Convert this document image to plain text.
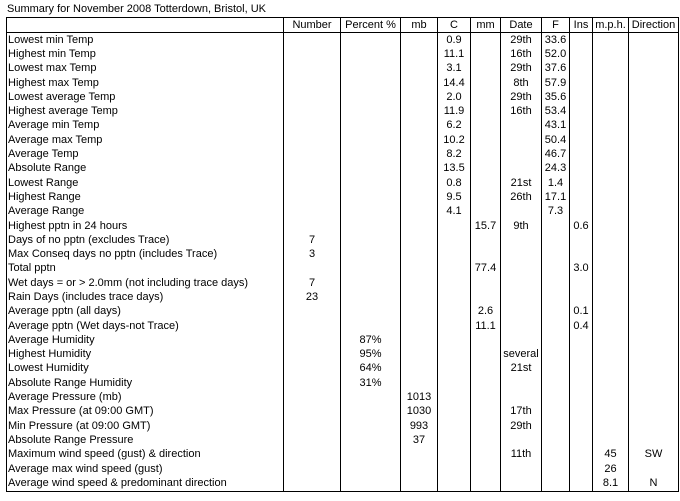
Summary for November 2008 Totterdown, Bristol, UK
	Number	Percent %	mb	C	mm	Date	F	Ins	m.p.h.	Direction
Lowest min Temp				0.9		29th	33.6			
Highest min Temp				11.1		16th	52.0			
Lowest max Temp				3.1		29th	37.6			
Highest max Temp				14.4		8th	57.9			
Lowest average Temp				2.0		29th	35.6			
Highest average Temp				11.9		16th	53.4			
Average min Temp				6.2			43.1			
Average max Temp				10.2			50.4			
Average Temp				8.2			46.7			
Absolute Range				13.5			24.3			
Lowest Range				0.8		21st	1.4			
Highest Range				9.5		26th	17.1			
Average Range				4.1			7.3			
Highest pptn in 24 hours					15.7	9th		0.6		
Days of no pptn (excludes Trace)	7									
Max Conseq days no pptn (includes Trace)	3									
Total pptn					77.4			3.0		
Wet days = or > 2.0mm (not including trace days)	7									
Rain Days (includes trace days)	23									
Average pptn (all days)					2.6			0.1		
Average pptn (Wet days-not Trace)					11.1			0.4		
Average Humidity		87%								
Highest Humidity		95%				several				
Lowest Humidity		64%				21st				
Absolute Range Humidity		31%								
Average Pressure (mb)			1013							
Max Pressure (at 09:00 GMT)			1030			17th				
Min Pressure (at 09:00 GMT)			993			29th				
Absolute Range Pressure			37							
Maximum wind speed (gust) & direction						11th			45	SW
Average max wind speed (gust)									26	
Average wind speed & predominant direction									8.1	N
